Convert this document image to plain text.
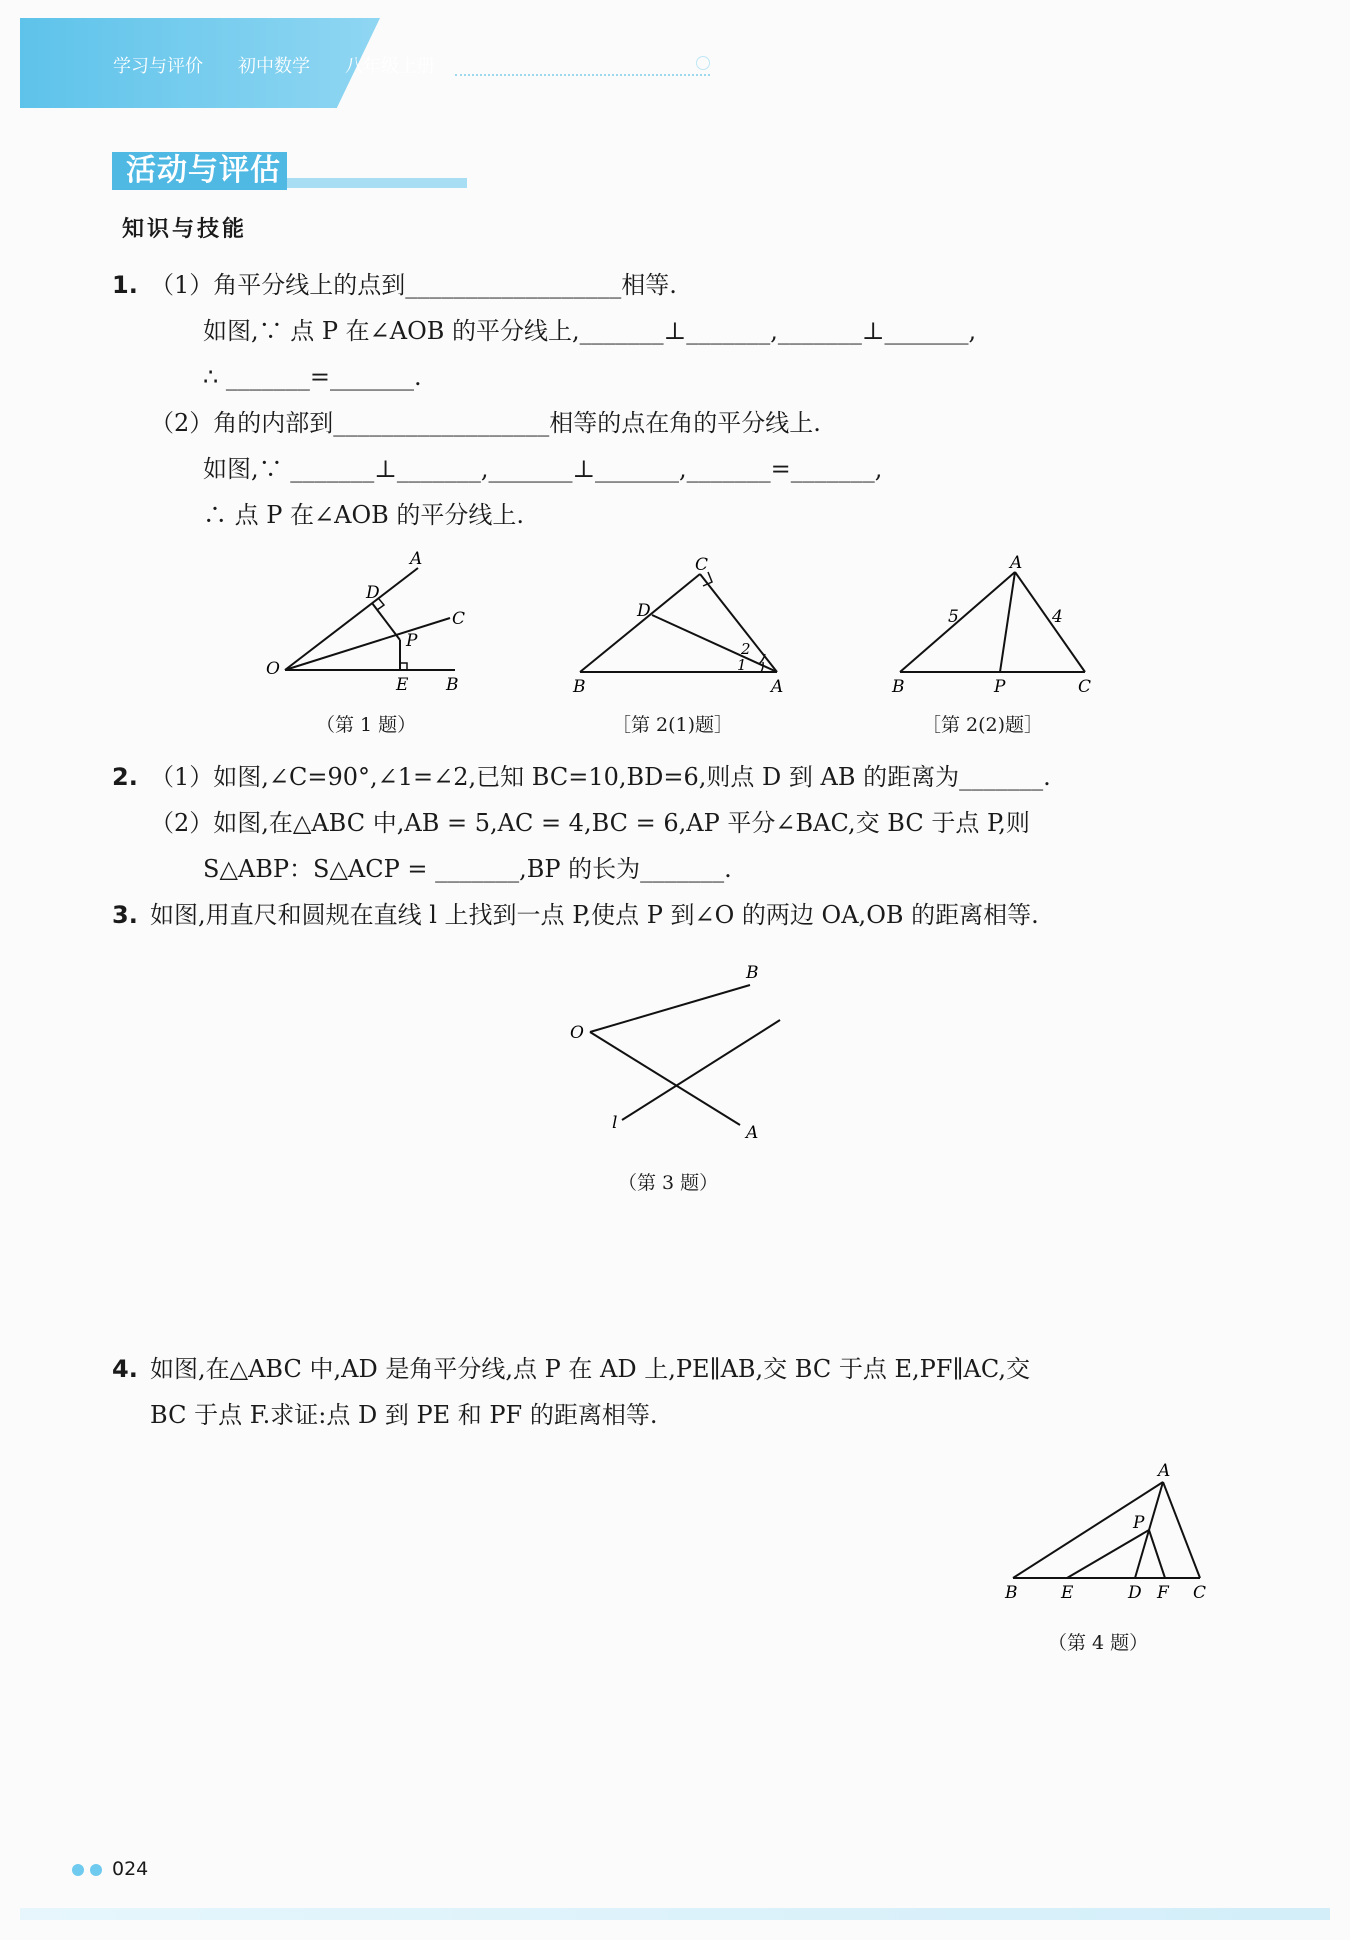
学习与评价 初中数学 八年级上册
活动与评估
知识与技能
1. （1）角平分线上的点到__________________相等.
如图,∵ 点 P 在∠AOB 的平分线上,_______⊥_______,_______⊥_______,
∴ _______=_______.
（2）角的内部到__________________相等的点在角的平分线上.
如图,∵ _______⊥_______,_______⊥_______,_______=_______,
∴ 点 P 在∠AOB 的平分线上.
A
D
C
P
O
E B
（第 1 题）
C
D
2
1
B	A
［第 2(1)题］
A
5	4
B	P	C
［第 2(2)题］
2. （1）如图,∠C=90°,∠1=∠2,已知 BC=10,BD=6,则点 D 到 AB 的距离为_______.
（2）如图,在△ABC 中,AB = 5,AC = 4,BC = 6,AP 平分∠BAC,交 BC 于点 P,则
S△ABP：S△ACP = _______,BP 的长为_______.
3. 如图,用直尺和圆规在直线 l 上找到一点 P,使点 P 到∠O 的两边 OA,OB 的距离相等.
B
O
l	A
（第 3 题）
4. 如图,在△ABC 中,AD 是角平分线,点 P 在 AD 上,PE∥AB,交 BC 于点 E,PF∥AC,交
BC 于点 F.求证:点 D 到 PE 和 PF 的距离相等.
A
P
B	E	D F C
（第 4 题）
024
